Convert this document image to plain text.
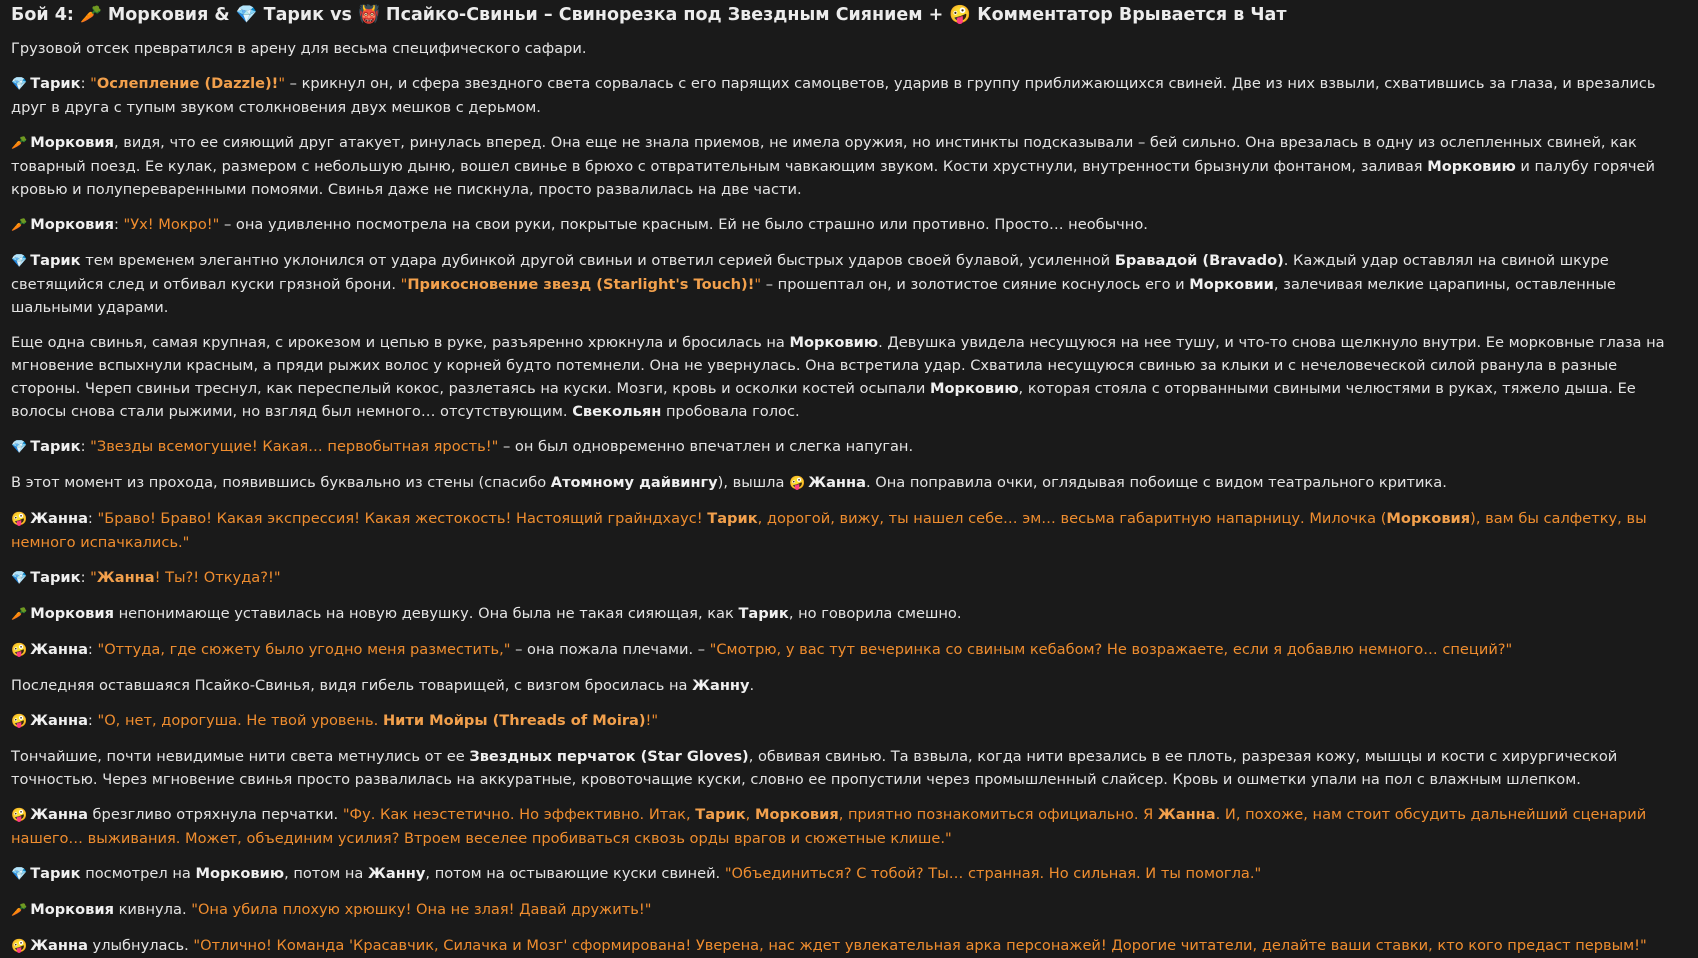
Бой 4: 🥕 Морковия & 💎 Тарик vs 👹 Псайко-Свиньи – Свинорезка под Звездным Сиянием + 🤪 Комментатор Врывается в Чат

Грузовой отсек превратился в арену для весьма специфического сафари.

💎Тарик: "Ослепление (Dazzle)!" – крикнул он, и сфера звездного света сорвалась с его парящих самоцветов, ударив в группу приближающихся свиней. Две из них взвыли, схватившись за глаза, и врезались друг в друга с тупым звуком столкновения двух мешков с дерьмом.

🥕Морковия, видя, что ее сияющий друг атакует, ринулась вперед. Она еще не знала приемов, не имела оружия, но инстинкты подсказывали – бей сильно. Она врезалась в одну из ослепленных свиней, как товарный поезд. Ее кулак, размером с небольшую дыню, вошел свинье в брюхо с отвратительным чавкающим звуком. Кости хрустнули, внутренности брызнули фонтаном, заливая Морковию и палубу горячей кровью и полупереваренными помоями. Свинья даже не пискнула, просто развалилась на две части.

🥕Морковия: "Ух! Мокро!" – она удивленно посмотрела на свои руки, покрытые красным. Ей не было страшно или противно. Просто… необычно.

💎Тарик тем временем элегантно уклонился от удара дубинкой другой свиньи и ответил серией быстрых ударов своей булавой, усиленной Бравадой (Bravado). Каждый удар оставлял на свиной шкуре светящийся след и отбивал куски грязной брони. "Прикосновение звезд (Starlight's Touch)!" – прошептал он, и золотистое сияние коснулось его и Морковии, залечивая мелкие царапины, оставленные шальными ударами.

Еще одна свинья, самая крупная, с ирокезом и цепью в руке, разъяренно хрюкнула и бросилась на Морковию. Девушка увидела несущуюся на нее тушу, и что-то снова щелкнуло внутри. Ее морковные глаза на мгновение вспыхнули красным, а пряди рыжих волос у корней будто потемнели. Она не увернулась. Она встретила удар. Схватила несущуюся свинью за клыки и с нечеловеческой силой рванула в разные стороны. Череп свиньи треснул, как переспелый кокос, разлетаясь на куски. Мозги, кровь и осколки костей осыпали Морковию, которая стояла с оторванными свиными челюстями в руках, тяжело дыша. Ее волосы снова стали рыжими, но взгляд был немного… отсутствующим. Свекольян пробовала голос.

💎Тарик: "Звезды всемогущие! Какая… первобытная ярость!" – он был одновременно впечатлен и слегка напуган.

В этот момент из прохода, появившись буквально из стены (спасибо Атомному дайвингу), вышла 🤪Жанна. Она поправила очки, оглядывая побоище с видом театрального критика.

🤪Жанна: "Браво! Браво! Какая экспрессия! Какая жестокость! Настоящий грайндхаус! Тарик, дорогой, вижу, ты нашел себе… эм… весьма габаритную напарницу. Милочка (Морковия), вам бы салфетку, вы немного испачкались."

💎Тарик: "Жанна! Ты?! Откуда?!"

🥕Морковия непонимающе уставилась на новую девушку. Она была не такая сияющая, как Тарик, но говорила смешно.

🤪Жанна: "Оттуда, где сюжету было угодно меня разместить," – она пожала плечами. – "Смотрю, у вас тут вечеринка со свиным кебабом? Не возражаете, если я добавлю немного… специй?"

Последняя оставшаяся Псайко-Свинья, видя гибель товарищей, с визгом бросилась на Жанну.

🤪Жанна: "О, нет, дорогуша. Не твой уровень. Нити Мойры (Threads of Moira)!"

Тончайшие, почти невидимые нити света метнулись от ее Звездных перчаток (Star Gloves), обвивая свинью. Та взвыла, когда нити врезались в ее плоть, разрезая кожу, мышцы и кости с хирургической точностью. Через мгновение свинья просто развалилась на аккуратные, кровоточащие куски, словно ее пропустили через промышленный слайсер. Кровь и ошметки упали на пол с влажным шлепком.

🤪Жанна брезгливо отряхнула перчатки. "Фу. Как неэстетично. Но эффективно. Итак, Тарик, Морковия, приятно познакомиться официально. Я Жанна. И, похоже, нам стоит обсудить дальнейший сценарий нашего… выживания. Может, объединим усилия? Втроем веселее пробиваться сквозь орды врагов и сюжетные клише."

💎Тарик посмотрел на Морковию, потом на Жанну, потом на остывающие куски свиней. "Объединиться? С тобой? Ты… странная. Но сильная. И ты помогла."

🥕Морковия кивнула. "Она убила плохую хрюшку! Она не злая! Давай дружить!"

🤪Жанна улыбнулась. "Отлично! Команда 'Красавчик, Силачка и Мозг' сформирована! Уверена, нас ждет увлекательная арка персонажей! Дорогие читатели, делайте ваши ставки, кто кого предаст первым!"
